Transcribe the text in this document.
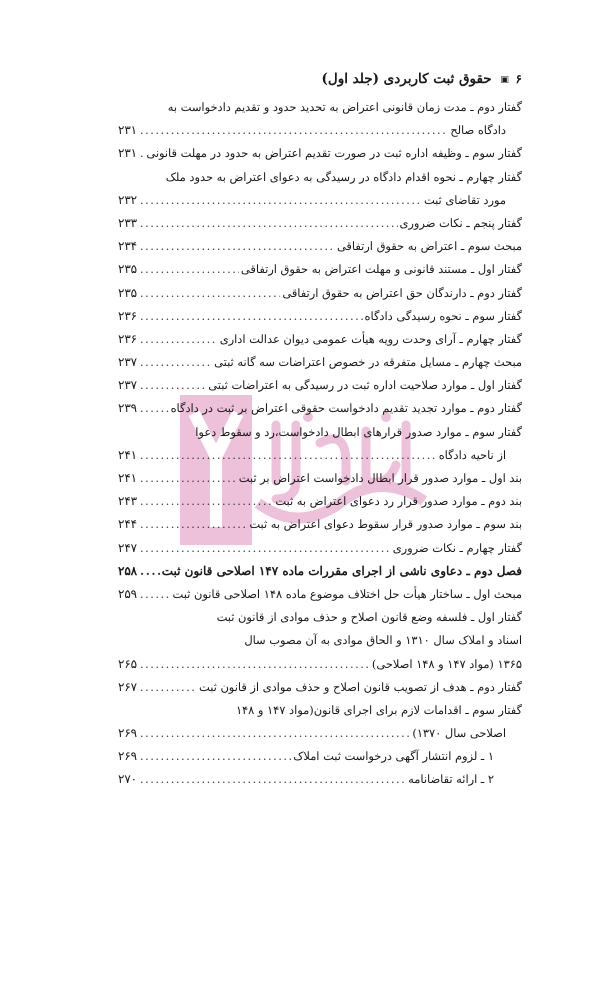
۶ ▣ حقوق ثبت کاربردی (جلد اول)
گفتار دوم ـ مدت زمان قانونی اعتراض به تحدید حدود و تقدیم دادخواست به
دادگاه صالح
.....
۲۳۱
گفتار سوم ـ وظیفه اداره ثبت در صورت تقدیم اعتراض به حدود در مهلت قانونی
.....
۲۳۱
گفتار چهارم ـ نحوه اقدام دادگاه در رسیدگی به دعوای اعتراض به حدود ملک
مورد تقاضای ثبت
.....
۲۳۲
گفتار پنجم ـ نکات ضروری
.....
۲۳۳
مبحث سوم ـ اعتراض به حقوق ارتفاقی
.....
۲۳۴
گفتار اول ـ مستند قانونی و مهلت اعتراض به حقوق ارتفاقی
.....
۲۳۵
گفتار دوم ـ دارندگان حق اعتراض به حقوق ارتفاقی
.....
۲۳۵
گفتار سوم ـ نحوه رسیدگی دادگاه
.....
۲۳۶
گفتار چهارم ـ آرای وحدت رویه هیأت عمومی دیوان عدالت اداری
.....
۲۳۶
مبحث چهارم ـ مسایل متفرقه در خصوص اعتراضات سه گانه ثبتی
.....
۲۳۷
گفتار اول ـ موارد صلاحیت اداره ثبت در رسیدگی به اعتراضات ثبتی
.....
۲۳۷
گفتار دوم ـ موارد تجدید تقدیم دادخواست حقوقی اعتراض بر ثبت در دادگاه
.....
۲۳۹
گفتار سوم ـ موارد صدور قرارهای ابطال دادخواست،رد و سقوط دعوا
از ناحیه دادگاه
.....
۲۴۱
بند اول ـ موارد صدور قرار ابطال دادخواست اعتراض بر ثبت
.....
۲۴۱
بند دوم ـ موارد صدور قرار رد دعوای اعتراض به ثبت
.....
۲۴۳
بند سوم ـ موارد صدور قرار سقوط دعوای اعتراض به ثبت
.....
۲۴۴
گفتار چهارم ـ نکات ضروری
.....
۲۴۷
فصل دوم ـ دعاوی ناشی از اجرای مقررات ماده ۱۴۷ اصلاحی قانون ثبت
.....
۲۵۸
مبحث اول ـ ساختار هیأت حل اختلاف موضوع ماده ۱۴۸ اصلاحی قانون ثبت
.....
۲۵۹
گفتار اول ـ فلسفه وضع قانون اصلاح و حذف موادی از قانون ثبت
اسناد و املاک سال ۱۳۱۰ و الحاق موادی به آن مصوب سال
۱۳۶۵ (مواد ۱۴۷ و ۱۴۸ اصلاحی)
.....
۲۶۵
گفتار دوم ـ هدف از تصویب قانون اصلاح و حذف موادی از قانون ثبت
.....
۲۶۷
گفتار سوم ـ اقدامات لازم برای اجرای قانون(مواد ۱۴۷ و ۱۴۸
اصلاحی سال ۱۳۷۰)
.....
۲۶۹
۱ ـ لزوم انتشار آگهی درخواست ثبت املاک
.....
۲۶۹
۲ ـ ارائه تقاضانامه
.....
۲۷۰
